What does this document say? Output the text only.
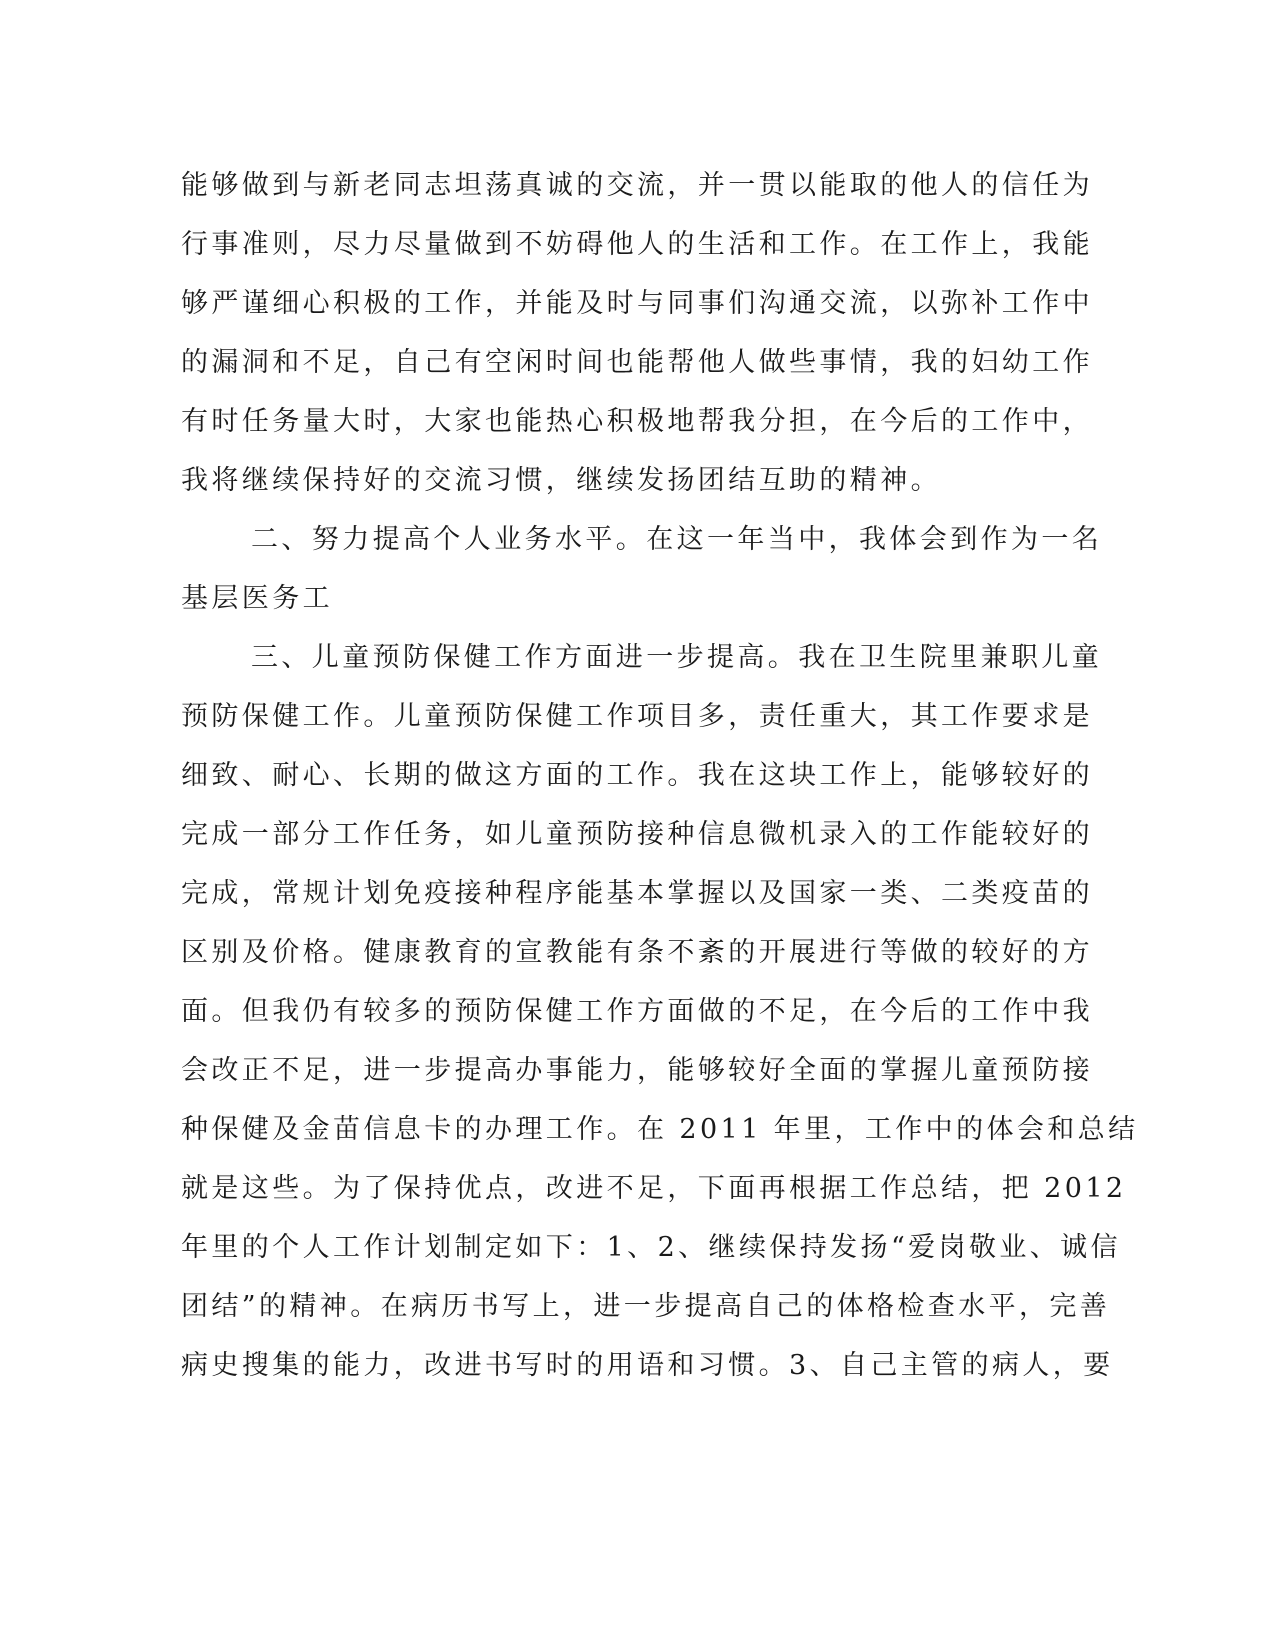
能够做到与新老同志坦荡真诚的交流，并一贯以能取的他人的信任为
行事准则，尽力尽量做到不妨碍他人的生活和工作。在工作上，我能
够严谨细心积极的工作，并能及时与同事们沟通交流，以弥补工作中
的漏洞和不足，自己有空闲时间也能帮他人做些事情，我的妇幼工作
有时任务量大时，大家也能热心积极地帮我分担，在今后的工作中，
我将继续保持好的交流习惯，继续发扬团结互助的精神。
二、努力提高个人业务水平。在这一年当中，我体会到作为一名
基层医务工
三、儿童预防保健工作方面进一步提高。我在卫生院里兼职儿童
预防保健工作。儿童预防保健工作项目多，责任重大，其工作要求是
细致、耐心、长期的做这方面的工作。我在这块工作上，能够较好的
完成一部分工作任务，如儿童预防接种信息微机录入的工作能较好的
完成，常规计划免疫接种程序能基本掌握以及国家一类、二类疫苗的
区别及价格。健康教育的宣教能有条不紊的开展进行等做的较好的方
面。但我仍有较多的预防保健工作方面做的不足，在今后的工作中我
会改正不足，进一步提高办事能力，能够较好全面的掌握儿童预防接
种保健及金苗信息卡的办理工作。在 2011 年里，工作中的体会和总结
就是这些。为了保持优点，改进不足，下面再根据工作总结，把 2012
年里的个人工作计划制定如下：1、2、继续保持发扬“爱岗敬业、诚信
团结”的精神。在病历书写上，进一步提高自己的体格检查水平，完善
病史搜集的能力，改进书写时的用语和习惯。3、自己主管的病人，要
